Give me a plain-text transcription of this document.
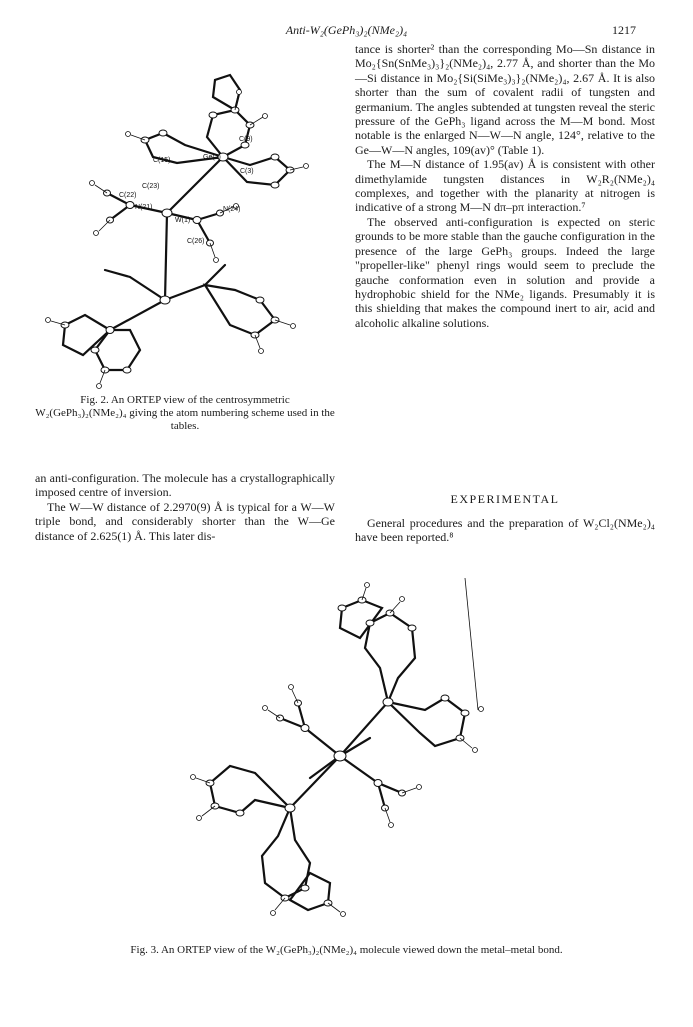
Anti-W₂(GePh₃)₂(NMe₂)₄	1217
C(9)
C(15)	Ge(2)
C(3)
C(23)
C(22)
N(21)
W(1)
N(24)
C(26)
Fig. 2. An ORTEP view of the centrosymmetric W₂(GePh₃)₂(NMe₂)₄ giving the atom numbering scheme used in the tables.

an anti-configuration. The molecule has a crystallographically imposed centre of inversion.

The W—W distance of 2.2970(9) Å is typical for a W—W triple bond, and considerably shorter than the W—Ge distance of 2.625(1) Å. This later dis-

tance is shorter² than the corresponding Mo—Sn distance in Mo₂{Sn(SnMe₃)₃}₂(NMe₂)₄, 2.77 Å, and shorter than the Mo—Si distance in Mo₂{Si(SiMe₃)₃}₂(NMe₂)₄, 2.67 Å. It is also shorter than the sum of covalent radii of tungsten and germanium. The angles subtended at tungsten reveal the steric pressure of the GePh₃ ligand across the M—M bond. Most notable is the enlarged N—W—N angle, 124°, relative to the Ge—W—N angles, 109(av)° (Table 1).

The M—N distance of 1.95(av) Å is consistent with other dimethylamide tungsten distances in W₂R₂(NMe₂)₄ complexes, and together with the planarity at nitrogen is indicative of a strong M—N dπ–pπ interaction.⁷

The observed anti-configuration is expected on steric grounds to be more stable than the gauche configuration in the presence of the large GePh₃ groups. Indeed the large "propeller-like" phenyl rings would seem to preclude the gauche conformation even in solution and provide a hydrophobic shield for the NMe₂ ligands. Presumably it is this shielding that makes the compound inert to air, acid and alcoholic alkaline solutions.

EXPERIMENTAL

General procedures and the preparation of W₂Cl₂(NMe₂)₄ have been reported.⁸

Fig. 3. An ORTEP view of the W₂(GePh₃)₂(NMe₂)₄ molecule viewed down the metal–metal bond.
